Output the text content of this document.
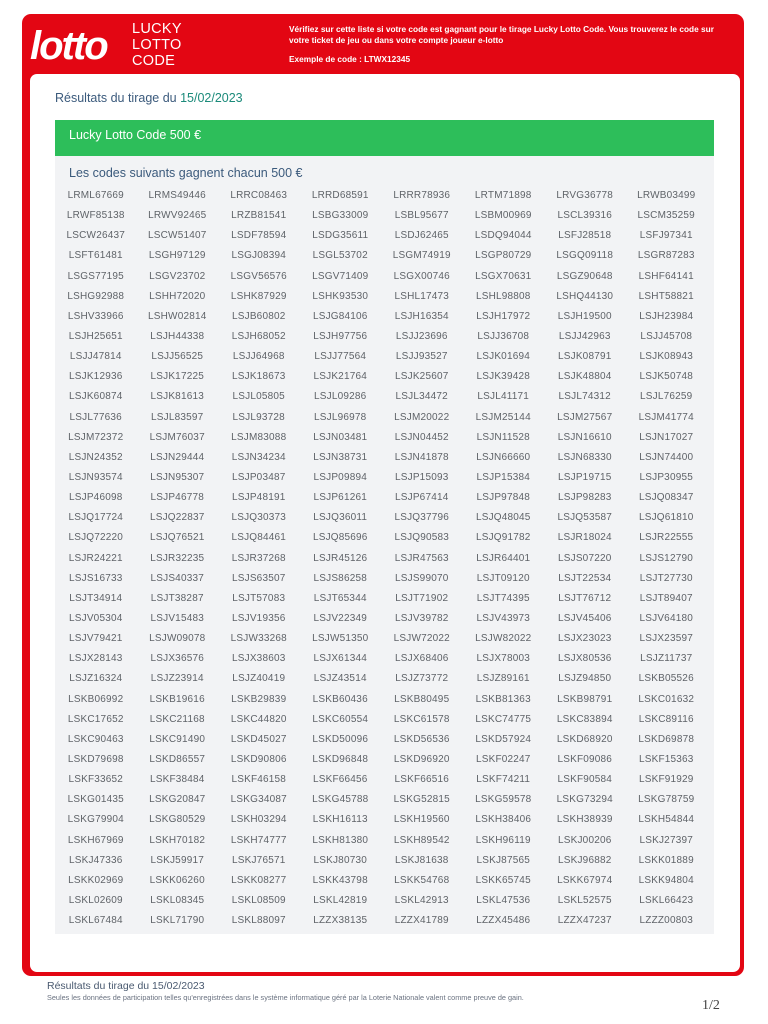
lotto LUCKY
LOTTO
CODE
Vérifiez sur cette liste si votre code est gagnant pour le tirage Lucky Lotto Code. Vous trouverez le code sur votre ticket de jeu ou dans votre compte joueur e-lotto
Exemple de code : LTWX12345
Résultats du tirage du 15/02/2023
Lucky Lotto Code 500 €
Les codes suivants gagnent chacun 500 €
LRML67669	LRMS49446	LRRC08463	LRRD68591	LRRR78936	LRTM71898	LRVG36778	LRWB03499
LRWF85138	LRWV92465	LRZB81541	LSBG33009	LSBL95677	LSBM00969	LSCL39316	LSCM35259
LSCW26437	LSCW51407	LSDF78594	LSDG35611	LSDJ62465	LSDQ94044	LSFJ28518	LSFJ97341
LSFT61481	LSGH97129	LSGJ08394	LSGL53702	LSGM74919	LSGP80729	LSGQ09118	LSGR87283
LSGS77195	LSGV23702	LSGV56576	LSGV71409	LSGX00746	LSGX70631	LSGZ90648	LSHF64141
LSHG92988	LSHH72020	LSHK87929	LSHK93530	LSHL17473	LSHL98808	LSHQ44130	LSHT58821
LSHV33966	LSHW02814	LSJB60802	LSJG84106	LSJH16354	LSJH17972	LSJH19500	LSJH23984
LSJH25651	LSJH44338	LSJH68052	LSJH97756	LSJJ23696	LSJJ36708	LSJJ42963	LSJJ45708
LSJJ47814	LSJJ56525	LSJJ64968	LSJJ77564	LSJJ93527	LSJK01694	LSJK08791	LSJK08943
LSJK12936	LSJK17225	LSJK18673	LSJK21764	LSJK25607	LSJK39428	LSJK48804	LSJK50748
LSJK60874	LSJK81613	LSJL05805	LSJL09286	LSJL34472	LSJL41171	LSJL74312	LSJL76259
LSJL77636	LSJL83597	LSJL93728	LSJL96978	LSJM20022	LSJM25144	LSJM27567	LSJM41774
LSJM72372	LSJM76037	LSJM83088	LSJN03481	LSJN04452	LSJN11528	LSJN16610	LSJN17027
LSJN24352	LSJN29444	LSJN34234	LSJN38731	LSJN41878	LSJN66660	LSJN68330	LSJN74400
LSJN93574	LSJN95307	LSJP03487	LSJP09894	LSJP15093	LSJP15384	LSJP19715	LSJP30955
LSJP46098	LSJP46778	LSJP48191	LSJP61261	LSJP67414	LSJP97848	LSJP98283	LSJQ08347
LSJQ17724	LSJQ22837	LSJQ30373	LSJQ36011	LSJQ37796	LSJQ48045	LSJQ53587	LSJQ61810
LSJQ72220	LSJQ76521	LSJQ84461	LSJQ85696	LSJQ90583	LSJQ91782	LSJR18024	LSJR22555
LSJR24221	LSJR32235	LSJR37268	LSJR45126	LSJR47563	LSJR64401	LSJS07220	LSJS12790
LSJS16733	LSJS40337	LSJS63507	LSJS86258	LSJS99070	LSJT09120	LSJT22534	LSJT27730
LSJT34914	LSJT38287	LSJT57083	LSJT65344	LSJT71902	LSJT74395	LSJT76712	LSJT89407
LSJV05304	LSJV15483	LSJV19356	LSJV22349	LSJV39782	LSJV43973	LSJV45406	LSJV64180
LSJV79421	LSJW09078	LSJW33268	LSJW51350	LSJW72022	LSJW82022	LSJX23023	LSJX23597
LSJX28143	LSJX36576	LSJX38603	LSJX61344	LSJX68406	LSJX78003	LSJX80536	LSJZ11737
LSJZ16324	LSJZ23914	LSJZ40419	LSJZ43514	LSJZ73772	LSJZ89161	LSJZ94850	LSKB05526
LSKB06992	LSKB19616	LSKB29839	LSKB60436	LSKB80495	LSKB81363	LSKB98791	LSKC01632
LSKC17652	LSKC21168	LSKC44820	LSKC60554	LSKC61578	LSKC74775	LSKC83894	LSKC89116
LSKC90463	LSKC91490	LSKD45027	LSKD50096	LSKD56536	LSKD57924	LSKD68920	LSKD69878
LSKD79698	LSKD86557	LSKD90806	LSKD96848	LSKD96920	LSKF02247	LSKF09086	LSKF15363
LSKF33652	LSKF38484	LSKF46158	LSKF66456	LSKF66516	LSKF74211	LSKF90584	LSKF91929
LSKG01435	LSKG20847	LSKG34087	LSKG45788	LSKG52815	LSKG59578	LSKG73294	LSKG78759
LSKG79904	LSKG80529	LSKH03294	LSKH16113	LSKH19560	LSKH38406	LSKH38939	LSKH54844
LSKH67969	LSKH70182	LSKH74777	LSKH81380	LSKH89542	LSKH96119	LSKJ00206	LSKJ27397
LSKJ47336	LSKJ59917	LSKJ76571	LSKJ80730	LSKJ81638	LSKJ87565	LSKJ96882	LSKK01889
LSKK02969	LSKK06260	LSKK08277	LSKK43798	LSKK54768	LSKK65745	LSKK67974	LSKK94804
LSKL02609	LSKL08345	LSKL08509	LSKL42819	LSKL42913	LSKL47536	LSKL52575	LSKL66423
LSKL67484	LSKL71790	LSKL88097	LZZX38135	LZZX41789	LZZX45486	LZZX47237	LZZZ00803
Résultats du tirage du 15/02/2023
Seules les données de participation telles qu'enregistrées dans le système informatique géré par la Loterie Nationale valent comme preuve de gain.
1/2
